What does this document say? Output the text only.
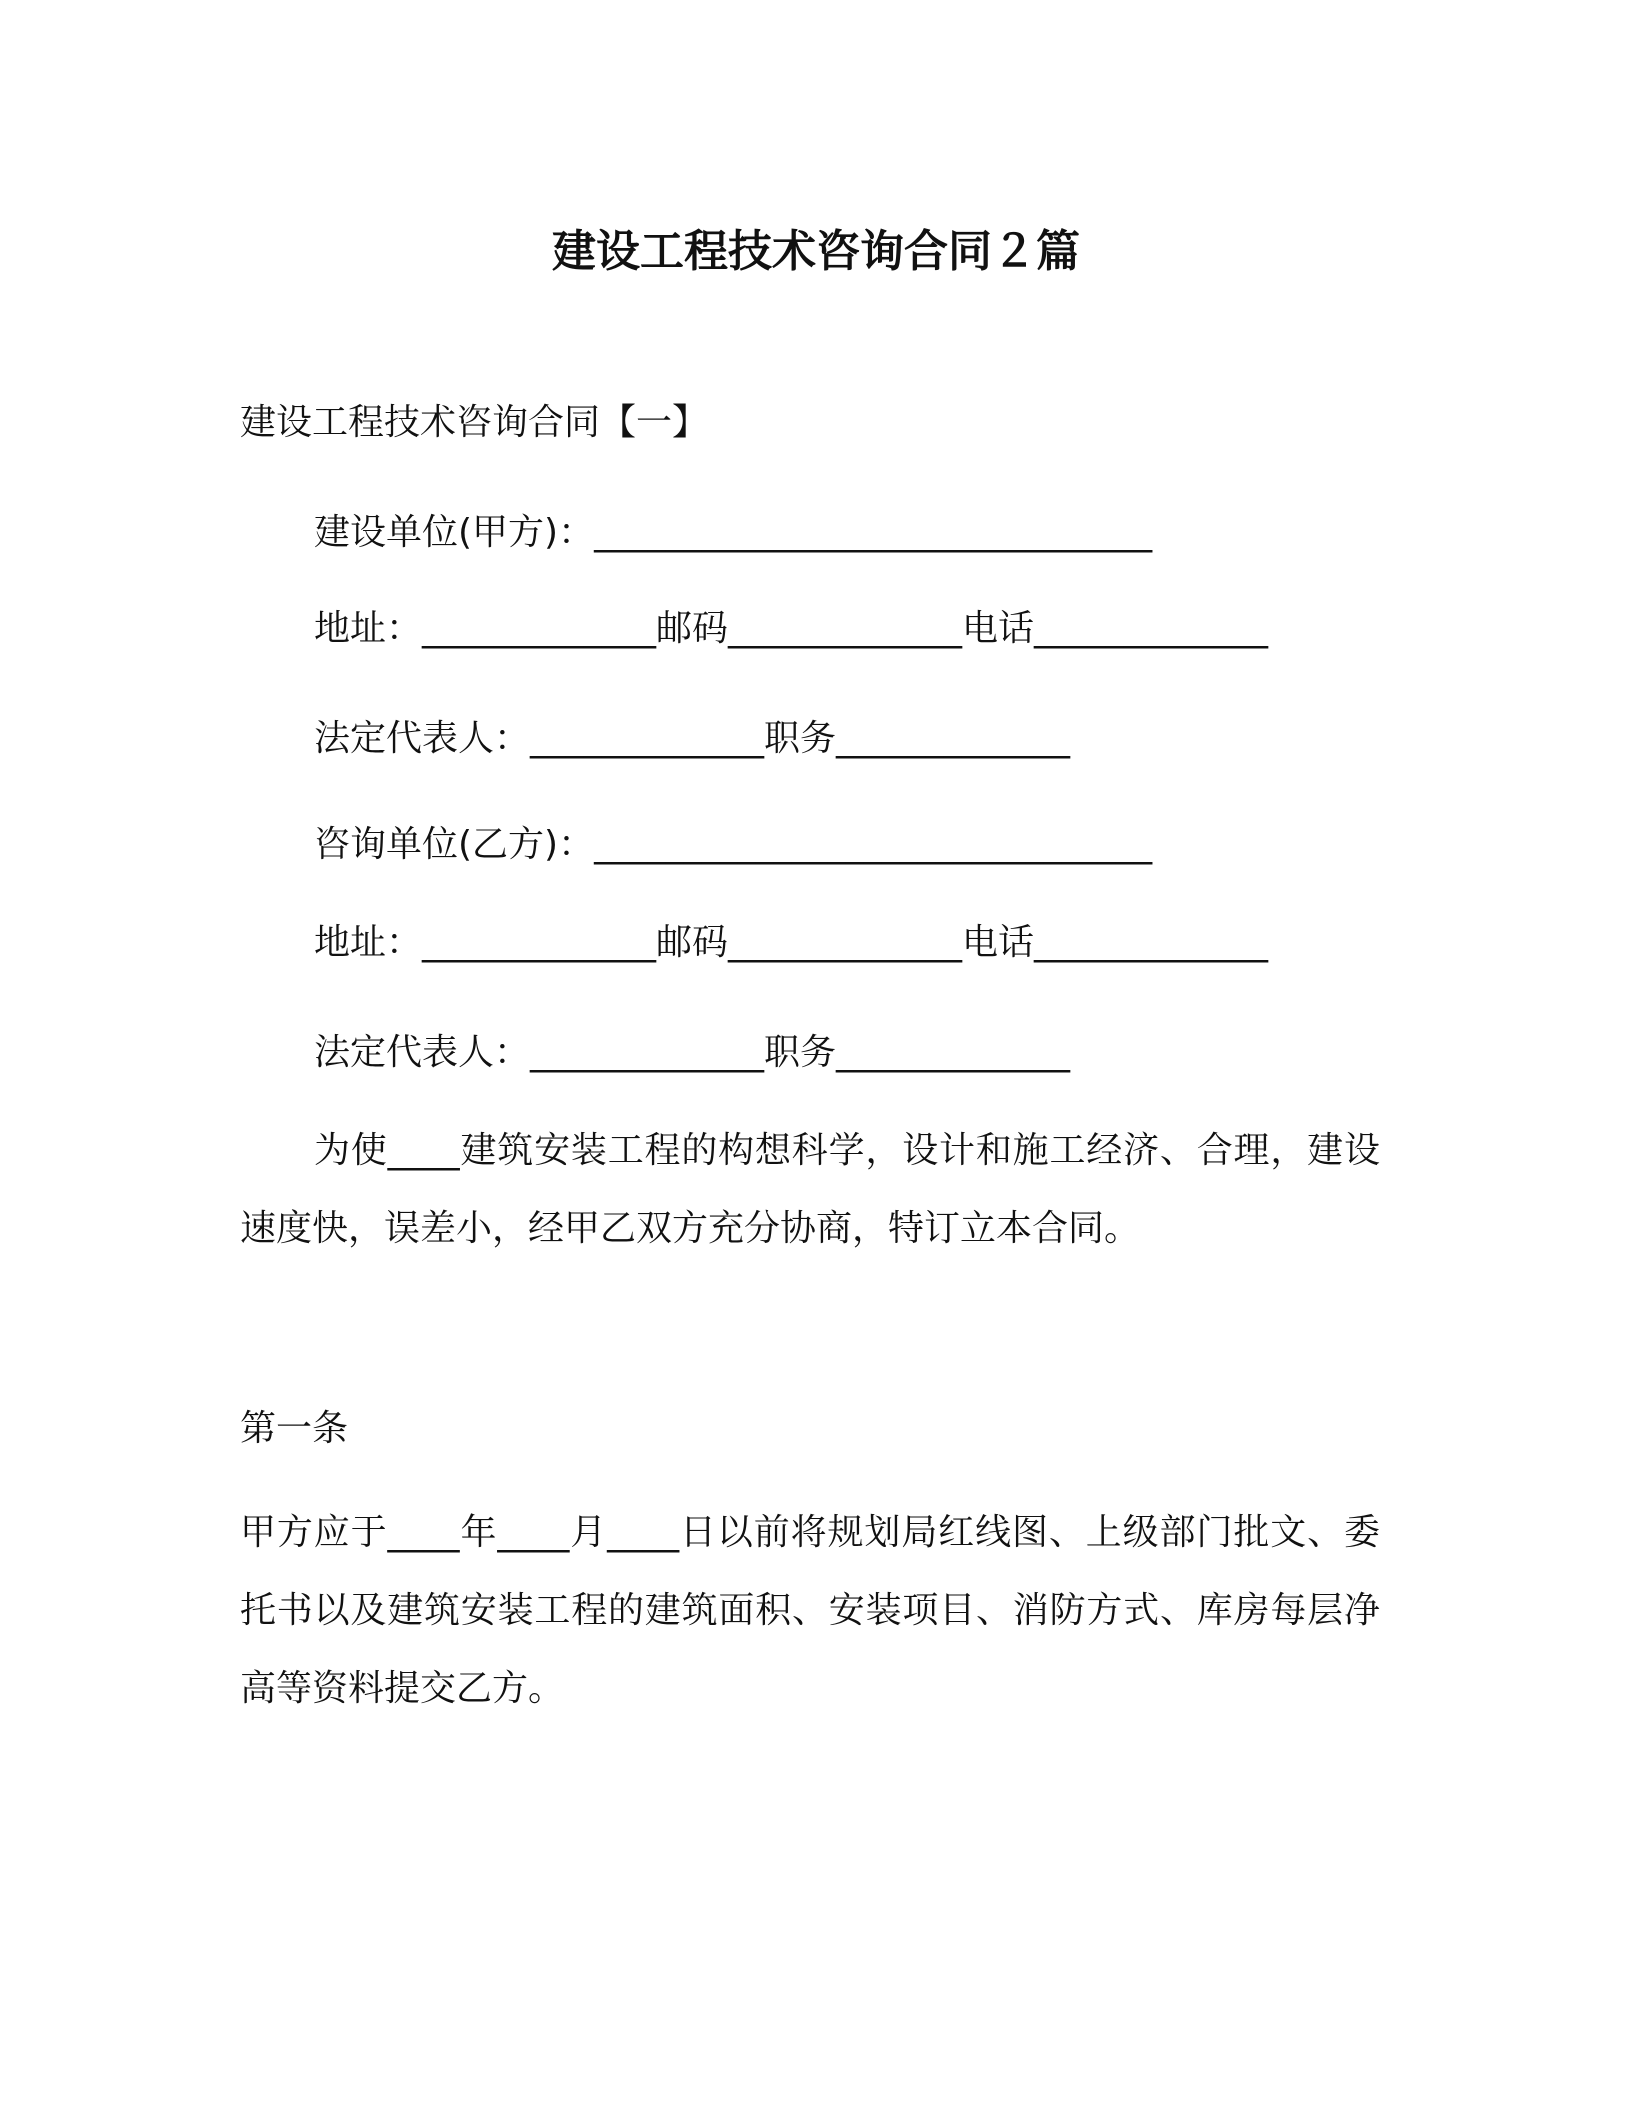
建设工程技术咨询合同２篇

建设工程技术咨询合同【一】

建设单位(甲方)：_______________________________

地址：_____________邮码_____________电话_____________

法定代表人：_____________职务_____________

咨询单位(乙方)：_______________________________

地址：_____________邮码_____________电话_____________

法定代表人：_____________职务_____________

为使____建筑安装工程的构想科学，设计和施工经济、合理，建设速度快，误差小，经甲乙双方充分协商，特订立本合同。

第一条

甲方应于____年____月____日以前将规划局红线图、上级部门批文、委托书以及建筑安装工程的建筑面积、安装项目、消防方式、库房每层净高等资料提交乙方。
